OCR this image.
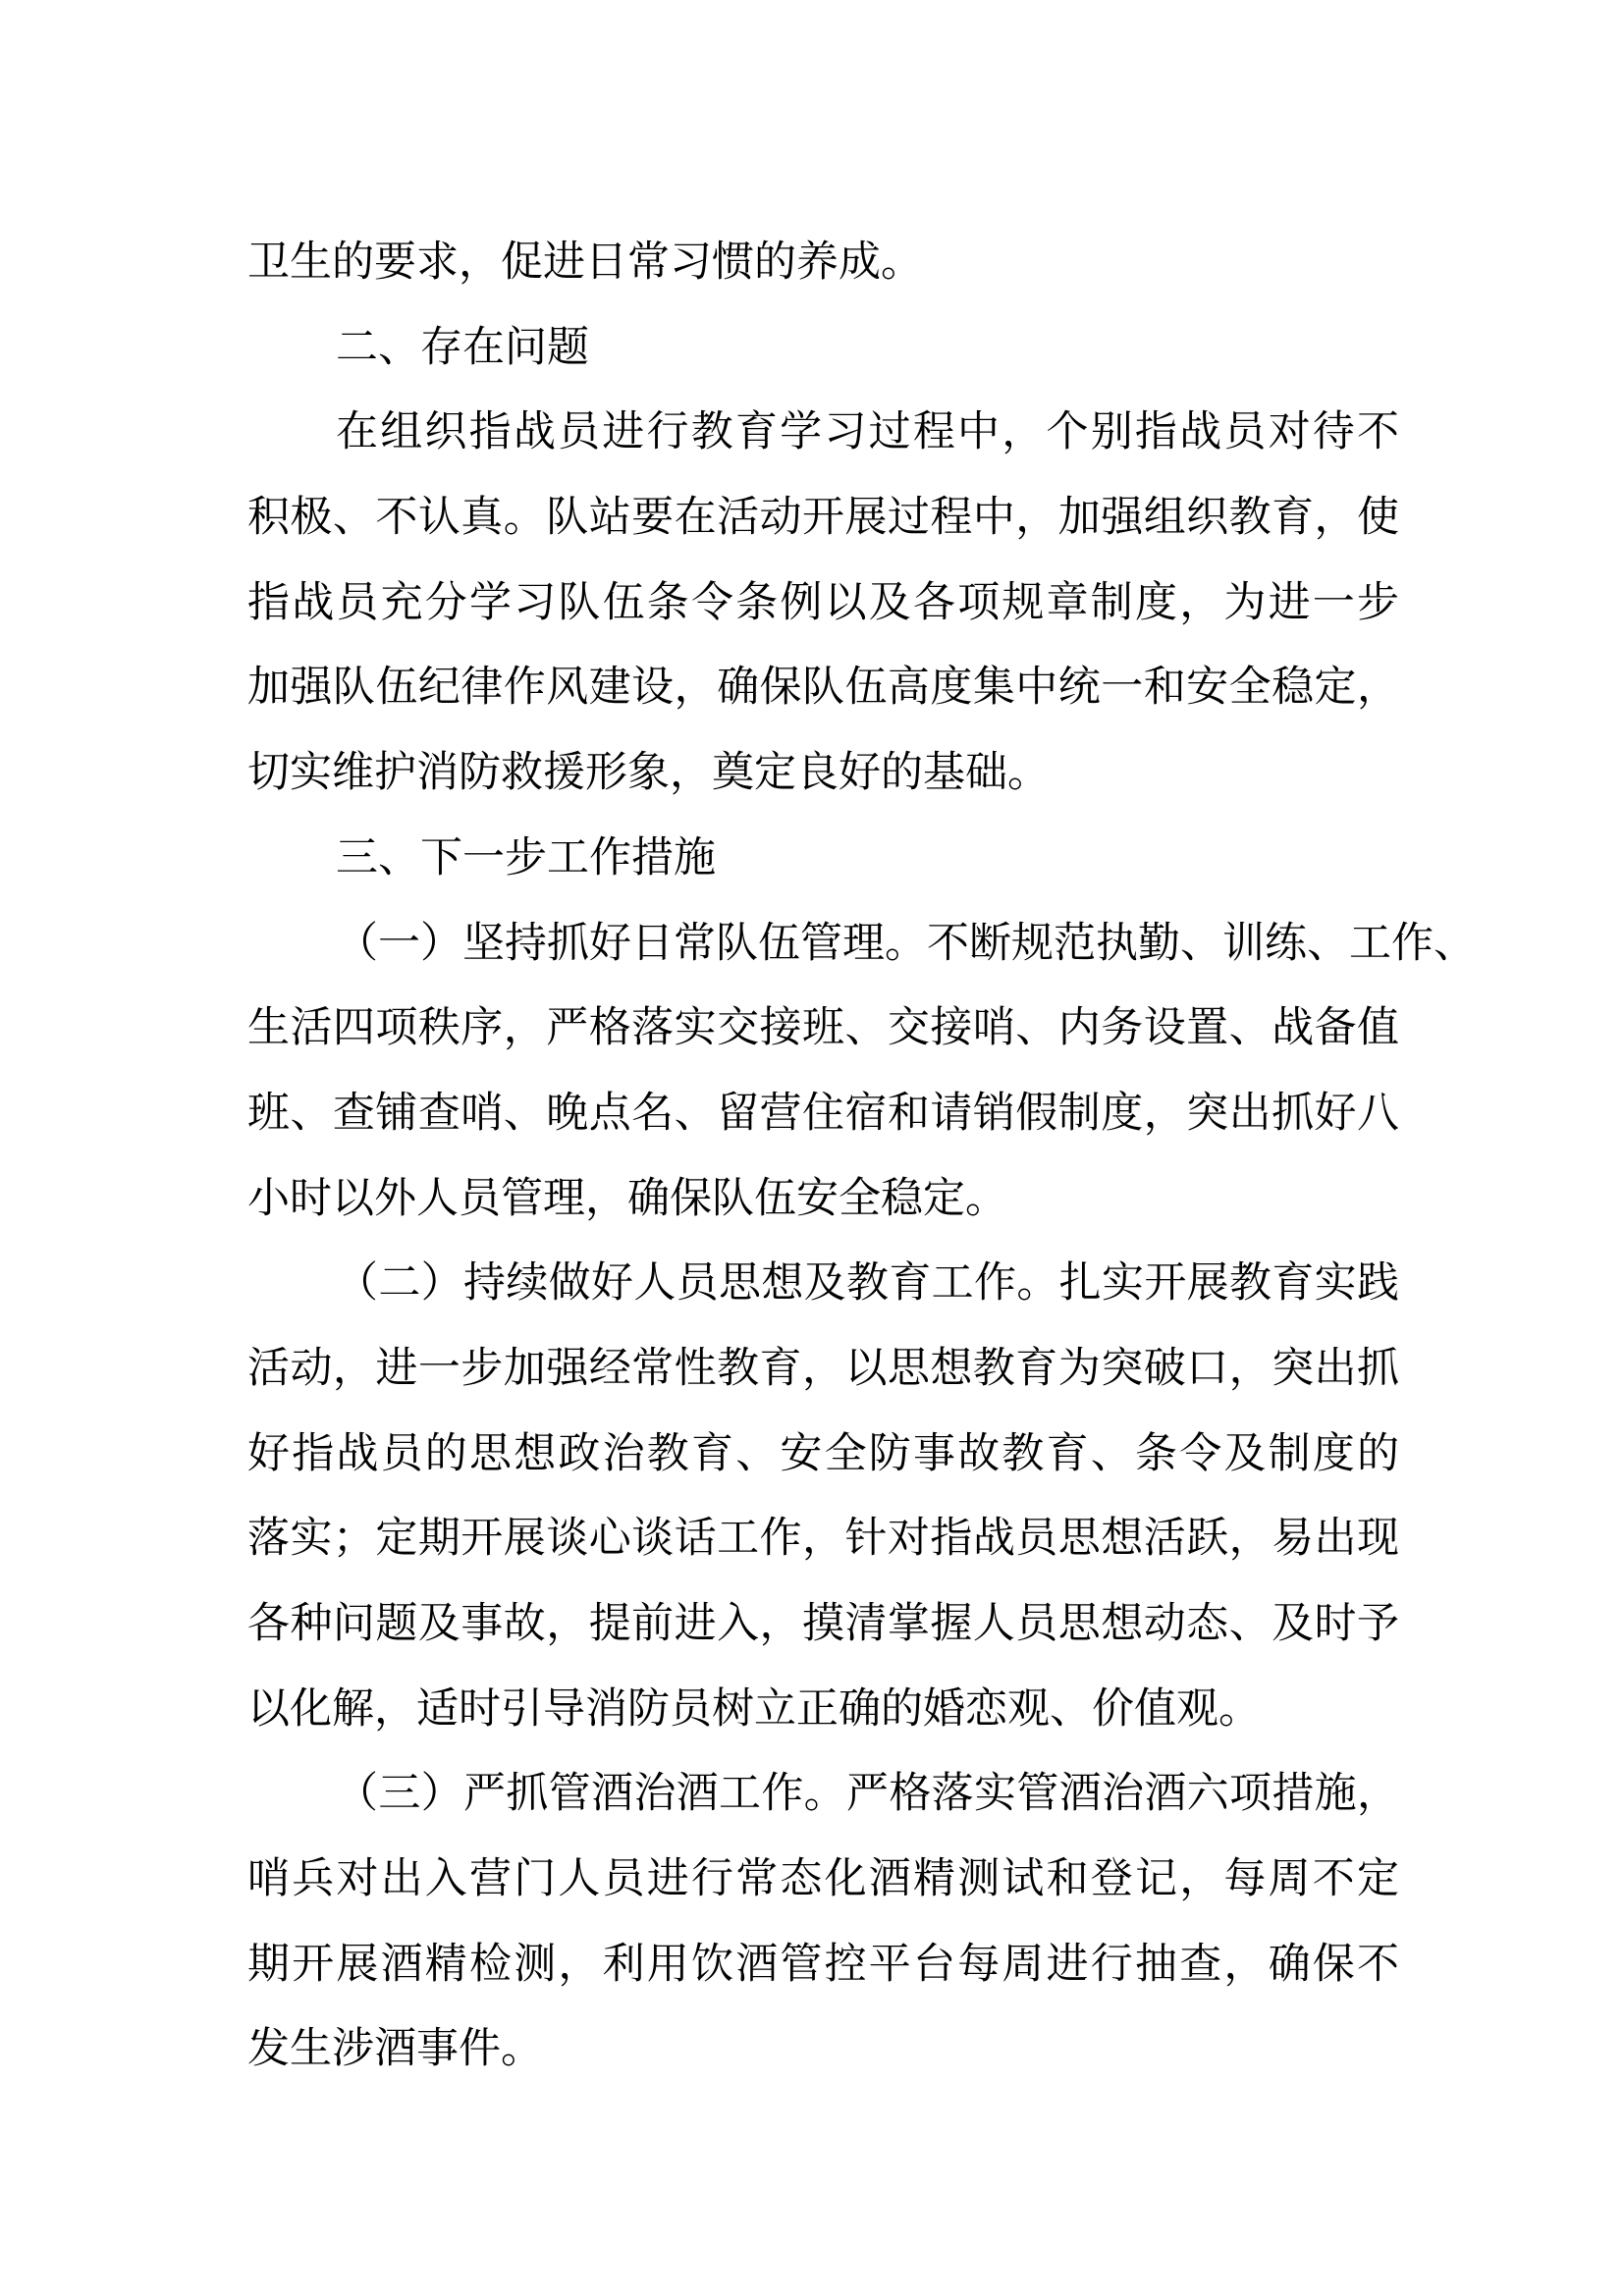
卫生的要求，促进日常习惯的养成。
二、存在问题
在组织指战员进行教育学习过程中，个别指战员对待不
积极、不认真。队站要在活动开展过程中，加强组织教育，使
指战员充分学习队伍条令条例以及各项规章制度，为进一步
加强队伍纪律作风建设，确保队伍高度集中统一和安全稳定，
切实维护消防救援形象，奠定良好的基础。
三、下一步工作措施
（一）坚持抓好日常队伍管理。不断规范执勤、训练、工作、
生活四项秩序，严格落实交接班、交接哨、内务设置、战备值
班、查铺查哨、晚点名、留营住宿和请销假制度，突出抓好八
小时以外人员管理，确保队伍安全稳定。
（二）持续做好人员思想及教育工作。扎实开展教育实践
活动，进一步加强经常性教育，以思想教育为突破口，突出抓
好指战员的思想政治教育、安全防事故教育、条令及制度的
落实；定期开展谈心谈话工作，针对指战员思想活跃，易出现
各种问题及事故，提前进入，摸清掌握人员思想动态、及时予
以化解，适时引导消防员树立正确的婚恋观、价值观。
（三）严抓管酒治酒工作。严格落实管酒治酒六项措施，
哨兵对出入营门人员进行常态化酒精测试和登记，每周不定
期开展酒精检测，利用饮酒管控平台每周进行抽查，确保不
发生涉酒事件。
